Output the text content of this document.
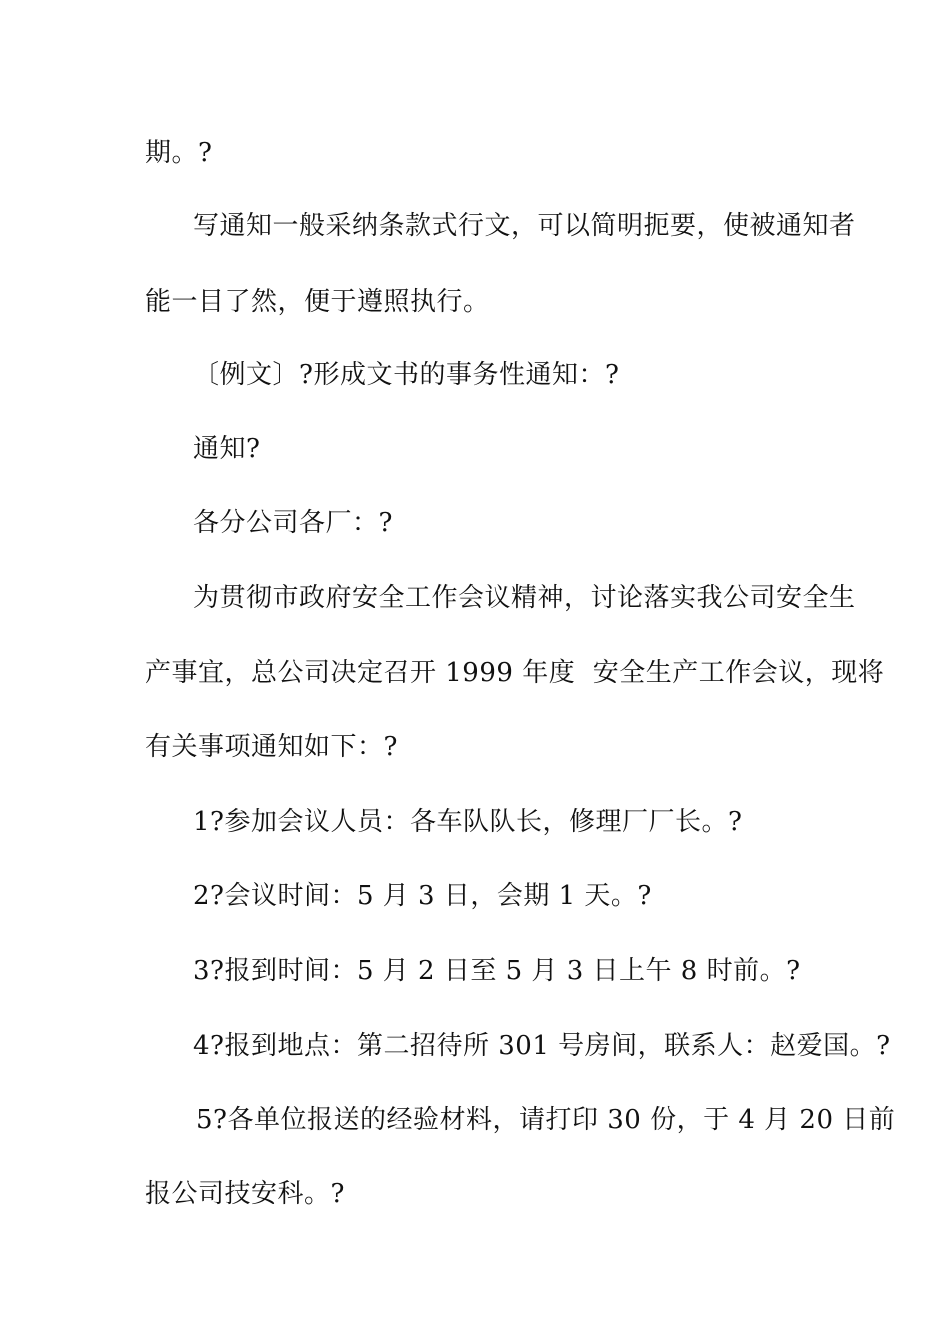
期。?
写通知一般采纳条款式行文，可以简明扼要，使被通知者
能一目了然，便于遵照执行。
〔例文〕?形成文书的事务性通知：?
通知?
各分公司各厂：?
为贯彻市政府安全工作会议精神，讨论落实我公司安全生
产事宜，总公司决定召开 1999 年度  安全生产工作会议，现将
有关事项通知如下：?
1?参加会议人员：各车队队长，修理厂厂长。?
2?会议时间：5 月 3 日，会期 1 天。?
3?报到时间：5 月 2 日至 5 月 3 日上午 8 时前。?
4?报到地点：第二招待所 301 号房间，联系人：赵爱国。?
5?各单位报送的经验材料，请打印 30 份，于 4 月 20 日前
报公司技安科。?
